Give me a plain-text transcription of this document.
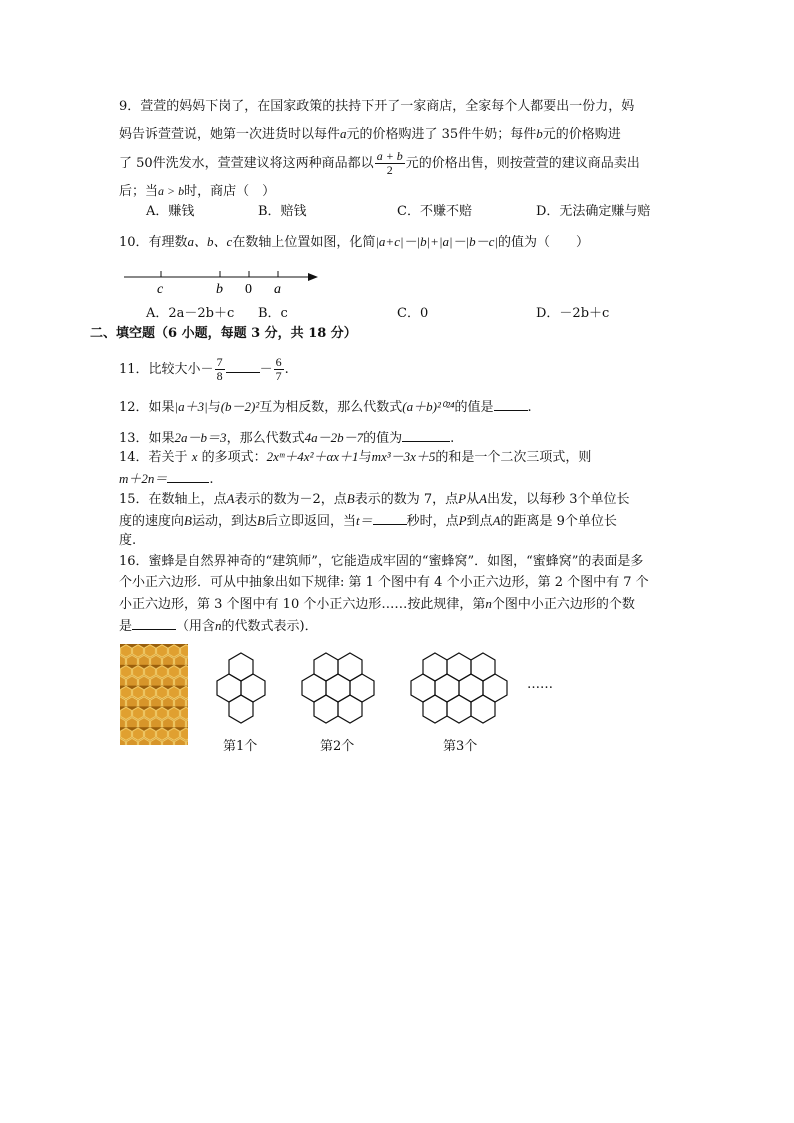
9．萱萱的妈妈下岗了，在国家政策的扶持下开了一家商店，全家每个人都要出一份力，妈
妈告诉萱萱说，她第一次进货时以每件a元的价格购进了 35件牛奶；每件b元的价格购进
了 50件洗发水，萱萱建议将这两种商品都以 $\frac{a + b}{2}$ 元的价格出售，则按萱萱的建议商品卖出
后；当a > b时，商店（　）
A．赚钱	B．赔钱	C．不赚不赔	D．无法确定赚与赔
10．有理数a、b、c在数轴上位置如图，化简|a+c|－|b|+|a|－|b－c|的值为（　　）
c	b 0 a
A．2a－2b＋c B．c	C．0	D．－2b＋c
二、填空题（6 小题，每题 3 分，共 18 分）
11．比较大小－ $\frac{7}{8}$	－ $\frac{6}{7}$ .
12．如果|a＋3|与(b－2)²互为相反数，那么代数式(a＋b)²⁰²⁴的值是	.
13．如果2a－b＝3，那么代数式4a－2b－7的值为	.
14．若关于 x 的多项式：2xᵐ＋4x²＋αx＋1与mx³－3x＋5的和是一个二次三项式，则
m＋2n＝	.
15．在数轴上，点A表示的数为－2，点B表示的数为 7，点P从A出发，以每秒 3个单位长
度的速度向B运动，到达B后立即返回，当t＝	秒时，点P到点A的距离是 9个单位长
度.
16．蜜蜂是自然界神奇的“建筑师”，它能造成牢固的“蜜蜂窝”．如图，“蜜蜂窝”的表面是多
个小正六边形．可从中抽象出如下规律: 第 1 个图中有 4 个小正六边形，第 2 个图中有 7 个
小正六边形，第 3 个图中有 10 个小正六边形……按此规律，第n个图中小正六边形的个数
是	（用含n的代数式表示)．
……
第1个	第2个	第3个
